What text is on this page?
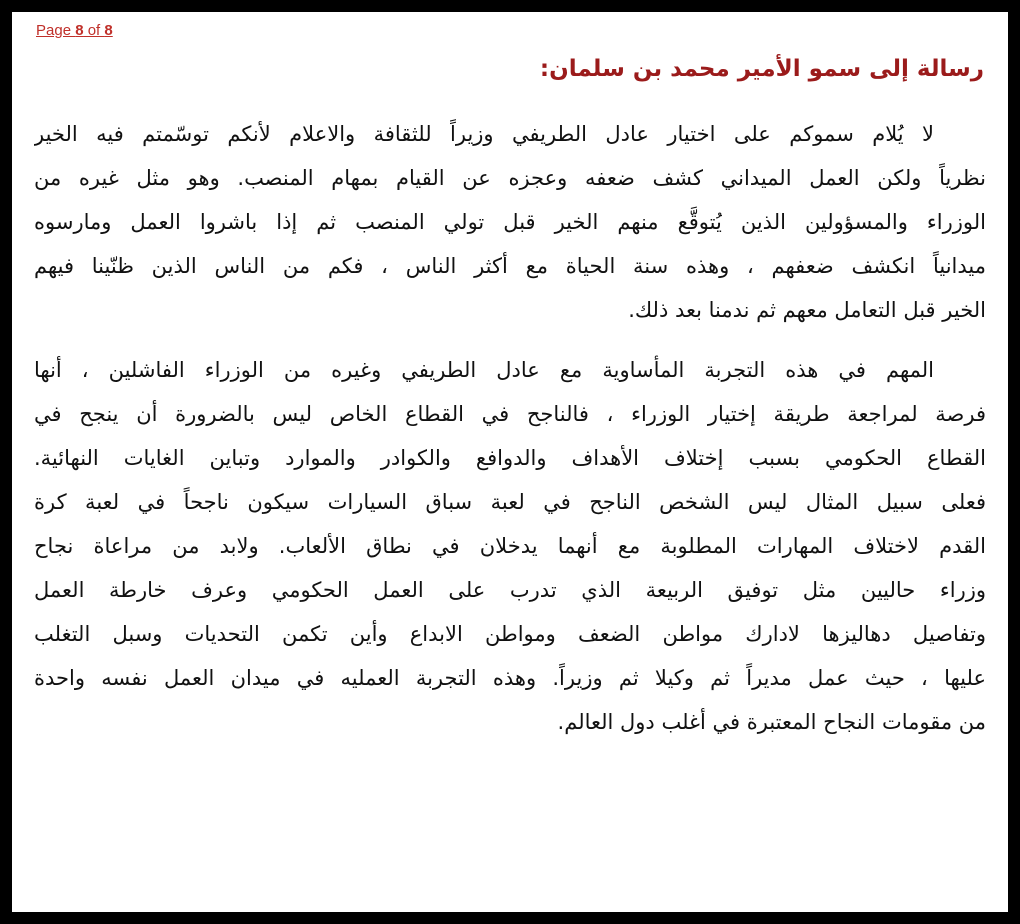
Page 8 of 8
رسالة إلى سمو الأمير محمد بن سلمان:
لا يُلام سموكم على اختيار عادل الطريفي وزيراً للثقافة والاعلام لأنكم توسّمتم فيه الخير
نظرياً ولكن العمل الميداني كشف ضعفه وعجزه عن القيام بمهام المنصب. وهو مثل غيره من
الوزراء والمسؤولين الذين يُتوقَّع منهم الخير قبل تولي المنصب ثم إذا باشروا العمل ومارسوه
ميدانياً انكشف ضعفهم ، وهذه سنة الحياة مع أكثر الناس ، فكم من الناس الذين ظنّينا فيهم
الخير قبل التعامل معهم ثم ندمنا بعد ذلك.
المهم في هذه التجربة المأساوية مع عادل الطريفي وغيره من الوزراء الفاشلين ، أنها
فرصة لمراجعة طريقة إختيار الوزراء ، فالناجح في القطاع الخاص ليس بالضرورة أن ينجح في
القطاع الحكومي بسبب إختلاف الأهداف والدوافع والكوادر والموارد وتباين الغايات النهائية.
فعلى سبيل المثال ليس الشخص الناجح في لعبة سباق السيارات سيكون ناجحاً في لعبة كرة
القدم لاختلاف المهارات المطلوبة مع أنهما يدخلان في نطاق الألعاب. ولابد من مراعاة نجاح
وزراء حاليين مثل توفيق الربيعة الذي تدرب على العمل الحكومي وعرف خارطة العمل
وتفاصيل دهاليزها لادارك مواطن الضعف ومواطن الابداع وأين تكمن التحديات وسبل التغلب
عليها ، حيث عمل مديراً ثم وكيلا ثم وزيراً. وهذه التجربة العمليه في ميدان العمل نفسه واحدة
من مقومات النجاح المعتبرة في أغلب دول العالم.
